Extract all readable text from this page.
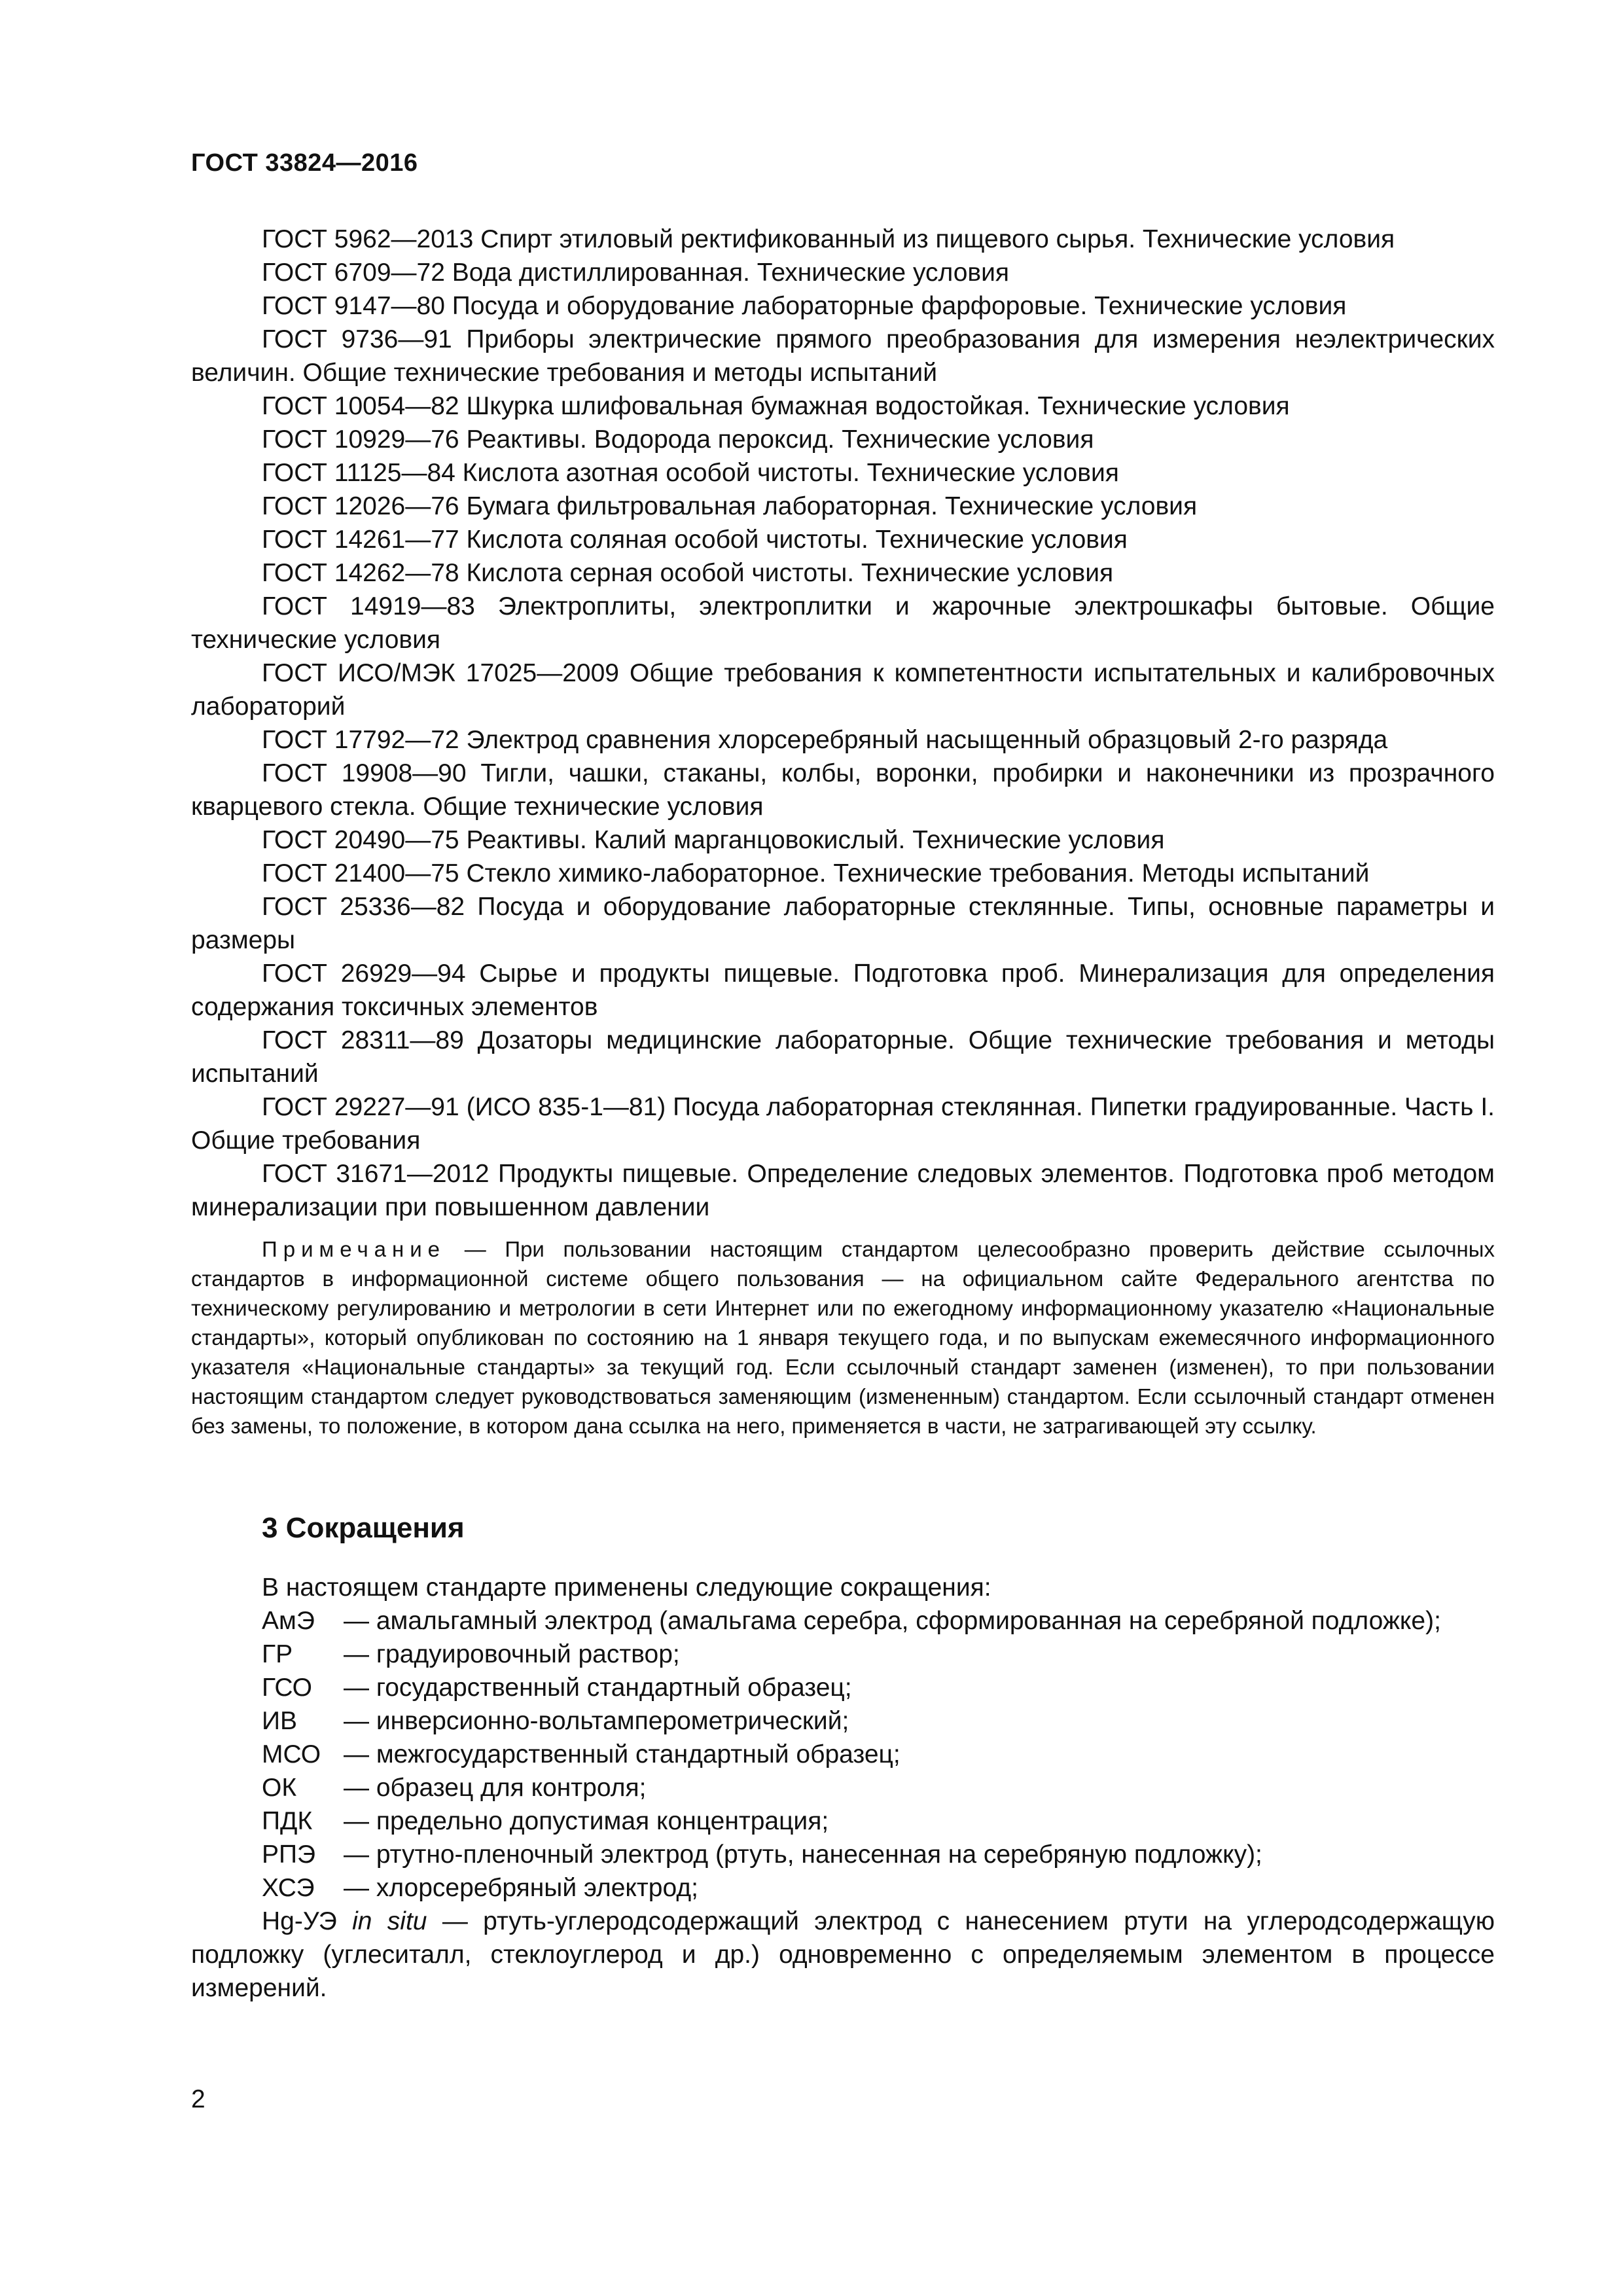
ГОСТ 33824—2016

ГОСТ 5962—2013 Спирт этиловый ректификованный из пищевого сырья. Технические условия

ГОСТ 6709—72 Вода дистиллированная. Технические условия

ГОСТ 9147—80 Посуда и оборудование лабораторные фарфоровые. Технические условия

ГОСТ 9736—91 Приборы электрические прямого преобразования для измерения неэлектрических величин. Общие технические требования и методы испытаний

ГОСТ 10054—82 Шкурка шлифовальная бумажная водостойкая. Технические условия

ГОСТ 10929—76 Реактивы. Водорода пероксид. Технические условия

ГОСТ 11125—84 Кислота азотная особой чистоты. Технические условия

ГОСТ 12026—76 Бумага фильтровальная лабораторная. Технические условия

ГОСТ 14261—77 Кислота соляная особой чистоты. Технические условия

ГОСТ 14262—78 Кислота серная особой чистоты. Технические условия

ГОСТ 14919—83 Электроплиты, электроплитки и жарочные электрошкафы бытовые. Общие технические условия

ГОСТ ИСО/МЭК 17025—2009 Общие требования к компетентности испытательных и калибровочных лабораторий

ГОСТ 17792—72 Электрод сравнения хлорсеребряный насыщенный образцовый 2-го разряда

ГОСТ 19908—90 Тигли, чашки, стаканы, колбы, воронки, пробирки и наконечники из прозрачного кварцевого стекла. Общие технические условия

ГОСТ 20490—75 Реактивы. Калий марганцовокислый. Технические условия

ГОСТ 21400—75 Стекло химико-лабораторное. Технические требования. Методы испытаний

ГОСТ 25336—82 Посуда и оборудование лабораторные стеклянные. Типы, основные параметры и размеры

ГОСТ 26929—94 Сырье и продукты пищевые. Подготовка проб. Минерализация для определения содержания токсичных элементов

ГОСТ 28311—89 Дозаторы медицинские лабораторные. Общие технические требования и методы испытаний

ГОСТ 29227—91 (ИСО 835-1—81) Посуда лабораторная стеклянная. Пипетки градуированные. Часть I. Общие требования

ГОСТ 31671—2012 Продукты пищевые. Определение следовых элементов. Подготовка проб методом минерализации при повышенном давлении

Примечание — При пользовании настоящим стандартом целесообразно проверить действие ссылочных стандартов в информационной системе общего пользования — на официальном сайте Федерального агентства по техническому регулированию и метрологии в сети Интернет или по ежегодному информационному указателю «Национальные стандарты», который опубликован по состоянию на 1 января текущего года, и по выпускам ежемесячного информационного указателя «Национальные стандарты» за текущий год. Если ссылочный стандарт заменен (изменен), то при пользовании настоящим стандартом следует руководствоваться заменяющим (измененным) стандартом. Если ссылочный стандарт отменен без замены, то положение, в котором дана ссылка на него, применяется в части, не затрагивающей эту ссылку.

3 Сокращения

В настоящем стандарте применены следующие сокращения:

АмЭ	— амальгамный электрод (амальгама серебра, сформированная на серебряной подложке);
ГР	— градуировочный раствор;
ГСО	— государственный стандартный образец;
ИВ	— инверсионно-вольтамперометрический;
МСО — межгосударственный стандартный образец;
ОК	— образец для контроля;
ПДК	— предельно допустимая концентрация;
РПЭ	— ртутно-пленочный электрод (ртуть, нанесенная на серебряную подложку);
ХСЭ	— хлорсеребряный электрод;

Hg-УЭ in situ — ртуть-углеродсодержащий электрод с нанесением ртути на углеродсодержащую подложку (углеситалл, стеклоуглерод и др.) одновременно с определяемым элементом в процессе измерений.

2
